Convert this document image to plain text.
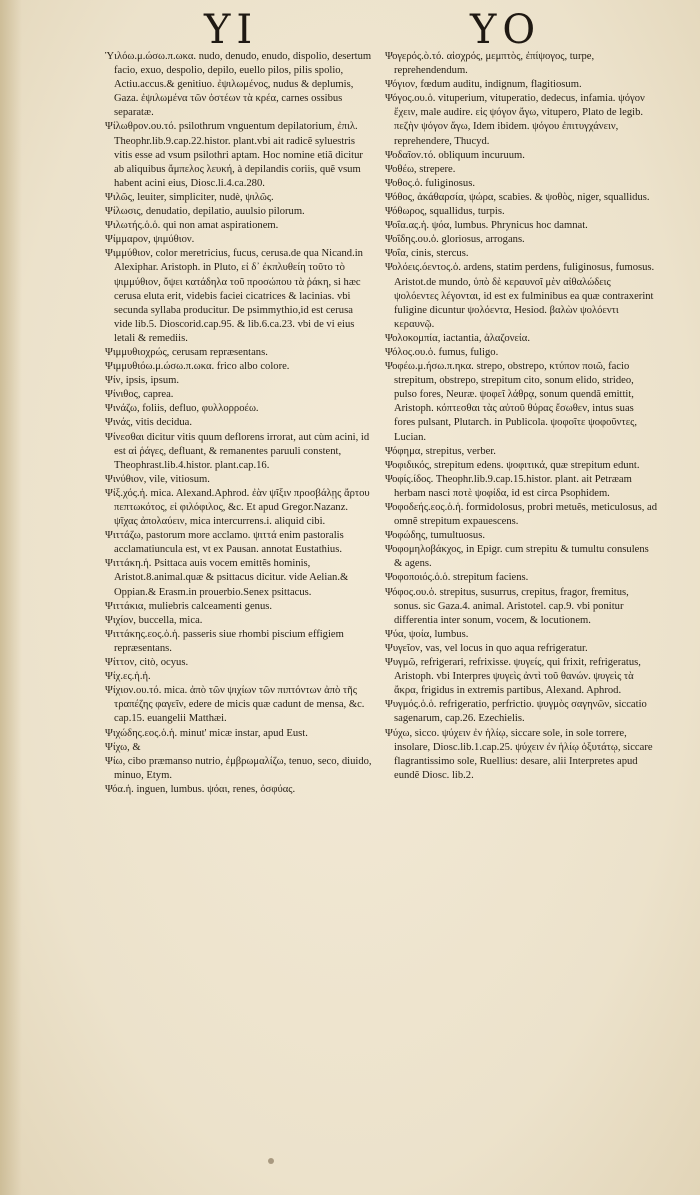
ΥΙ	ΥΟ

Ὑιλόω.μ.ώσω.π.ωκα. nudo, denudo, enudo, dispolio, desertum facio, exuo, despolio, depilo, euello pilos, pilis spolio, Actiu.accus.& genitiuo. ἐψιλωμένος, nudus & deplumis, Gaza. ἐψιλωμένα τῶν ὀστέων τὰ κρέα, carnes ossibus separatæ.

Ψίλωθρον.ου.τό. psilothrum vnguentum depilatorium, ἐπιλ. Theophr.lib.9.cap.22.histor. plant.vbi ait radicẽ syluestris vitis esse ad vsum psilothri aptam. Hoc nomine etiã dicitur ab aliquibus ἄμπελος λευκή, à depilandis coriis, quẽ vsum habent acini eius, Diosc.li.4.ca.280.

Ψιλῶς, leuiter, simpliciter, nudè, ψιλῶς.

Ψίλωσις, denudatio, depilatio, auulsio pilorum.

Ψιλωτής.ὁ.ὁ. qui non amat aspirationem.

Ψίμμαρον, ψιμύθιον.

Ψιμμύθιον, color meretricius, fucus, cerusa.de qua Nicand.in Alexiphar. Aristoph. in Pluto, εἰ δ᾽ ἐκπλυθείη τοῦτο τὸ ψιμμύθιον, ὄψει κατάδηλα τοῦ προσώπου τὰ ῥάκη, si hæc cerusa eluta erit, videbis faciei cicatrices & lacinias. vbi secunda syllaba producitur. De psimmythio,id est cerusa vide lib.5. Dioscorid.cap.95. & lib.6.ca.23. vbi de vi eius letali & remediis.

Ψιμμυθιοχρώς, cerusam repræsentans.

Ψιμμυθιόω.μ.ώσω.π.ωκα. frico albo colore.

Ψίν, ipsis, ipsum.

Ψίνιθος, caprea.

Ψινάζω, foliis, defluo, φυλλορροέω.

Ψινάς, vitis decidua.

Ψίνεσθαι dicitur vitis quum deflorens irrorat, aut cùm acini, id est αἱ ῥάγες, defluant, & remanentes paruuli constent, Theophrast.lib.4.histor. plant.cap.16.

Ψινύθιον, vile, vitiosum.

Ψίξ.χός.ἡ. mica. Alexand.Aphrod. ἐὰν ψῖξιν προσβάλῃς ἄρτου πεπτωκότος, εἰ φιλόφιλος, &c. Et apud Gregor.Nazanz. ψῖχας ἀπολαύειν, mica intercurrens.i. aliquid cibi.

Ψιττάζω, pastorum more acclamo. ψιττά enim pastoralis acclamatiuncula est, vt ex Pausan. annotat Eustathius.

Ψιττάκη.ἡ. Psittaca auis vocem emittẽs hominis, Aristot.8.animal.quæ & psittacus dicitur. vide Aelian.& Oppian.& Erasm.in prouerbio.Senex psittacus.

Ψιττάκια, muliebris calceamenti genus.

Ψιχίον, buccella, mica.

Ψιττάκης.εος.ὁ.ἡ. passeris siue rhombi piscium effigiem repræsentans.

Ψίττον, citò, ocyus.

Ψίχ.ες.ἡ.ἡ.

Ψίχιον.ου.τό. mica. ἀπὸ τῶν ψιχίων τῶν πιπτόντων ἀπὸ τῆς τραπέζης φαγεῖν, edere de micis quæ cadunt de mensa, &c. cap.15. euangelii Matthæi.

Ψιχώδης.εος.ὁ.ἡ. minut' micæ instar, apud Eust.

Ψίχω, &

Ψίω, cibo præmanso nutrio, ἐμβρωμαλίζω, tenuo, seco, diuido, minuo, Etym.

Ψόα.ἡ. inguen, lumbus. ψόαι, renes, ὀσφύας.

Ψογερός.ὸ.τό. αἰσχρός, μεμπτὸς, ἐπίψογος, turpe, reprehendendum.

Ψόγιον, fœdum auditu, indignum, flagitiosum.

Ψόγος.ου.ὁ. vituperium, vituperatio, dedecus, infamia. ψόγον ἔχειν, male audire. εἰς ψόγον ἄγω, vitupero, Plato de legib. πεζὴν ψόγον ἄγω, Idem ibidem. ψόγου ἐπιτυγχάνειν, reprehendere, Thucyd.

Ψοδαῖον.τό. obliquum incuruum.

Ψοθέω, strepere.

Ψοθος.ὁ. fuliginosus.

Ψόθος, ἀκάθαρσία, ψώρα, scabies. & ψοθὸς, niger, squallidus.

Ψόθωρος, squallidus, turpis.

Ψοΐα.ας.ἡ. ψόα, lumbus. Phrynicus hoc damnat.

Ψοΐδης.ου.ὁ. gloriosus, arrogans.

Ψοΐα, cinis, stercus.

Ψολόεις.όεντος.ὁ. ardens, statim perdens, fuliginosus, fumosus. Aristot.de mundo, ὑπὸ δὲ κεραυνοῖ μὲν αἰθαλώδεις ψολόεντες λέγονται, id est ex fulminibus ea quæ contraxerint fuligine dicuntur ψολόεντα, Hesiod. βαλὼν ψολόεντι κεραυνῷ.

Ψολοκομπία, iactantia, ἀλαζονεία.

Ψόλος.ου.ὁ. fumus, fuligo.

Ψοφέω.μ.ήσω.π.ηκα. strepo, obstrepo, κτύπον ποιῶ, facio strepitum, obstrepo, strepitum cito, sonum elido, strideo, pulso fores, Neuræ. ψοφεῖ λάθρᾳ, sonum quendã emittit, Aristoph. κόπτεσθαι τὰς αὐτοῦ θύρας ἔσωθεν, intus suas fores pulsant, Plutarch. in Publicola. ψοφοῖτε ψοφοῦντες, Lucian.

Ψόφημα, strepitus, verber.

Ψοφιδικός, strepitum edens. ψοφιτικά, quæ strepitum edunt.

Ψοφίς.ίδος. Theophr.lib.9.cap.15.histor. plant. ait Petræam herbam nasci ποτὲ ψοφίδα, id est circa Psophidem.

Ψοφοδεής.εος.ὁ.ἡ. formidolosus, probri metuẽs, meticulosus, ad omnẽ strepitum expauescens.

Ψοφώδης, tumultuosus.

Ψοφομηλοβάκχος, in Epigr. cum strepitu & tumultu consulens & agens.

Ψοφοποιός.ὁ.ὁ. strepitum faciens.

Ψόφος.ου.ὁ. strepitus, susurrus, crepitus, fragor, fremitus, sonus. sic Gaza.4. animal. Aristotel. cap.9. vbi ponitur differentia inter sonum, vocem, & locutionem.

Ψύα, ψοία, lumbus.

Ψυγεῖον, vas, vel locus in quo aqua refrigeratur.

Ψυγμῶ, refrigerari, refrixisse. ψυγείς, qui frixit, refrigeratus, Aristoph. vbi Interpres ψυγεὶς ἀντὶ τοῦ θανών. ψυγεὶς τὰ ἄκρα, frigidus in extremis partibus, Alexand. Aphrod.

Ψυγμός.ὁ.ὁ. refrigeratio, perfrictio. ψυγμὸς σαγηνῶν, siccatio sagenarum, cap.26. Ezechielis.

Ψύχω, sicco. ψύχειν ἐν ἡλίῳ, siccare sole, in sole torrere, insolare, Diosc.lib.1.cap.25. ψύχειν ἐν ἡλίῳ ὀξυτάτῳ, siccare flagrantissimo sole, Ruellius: desare, alii Interpretes apud eundẽ Diosc. lib.2.
